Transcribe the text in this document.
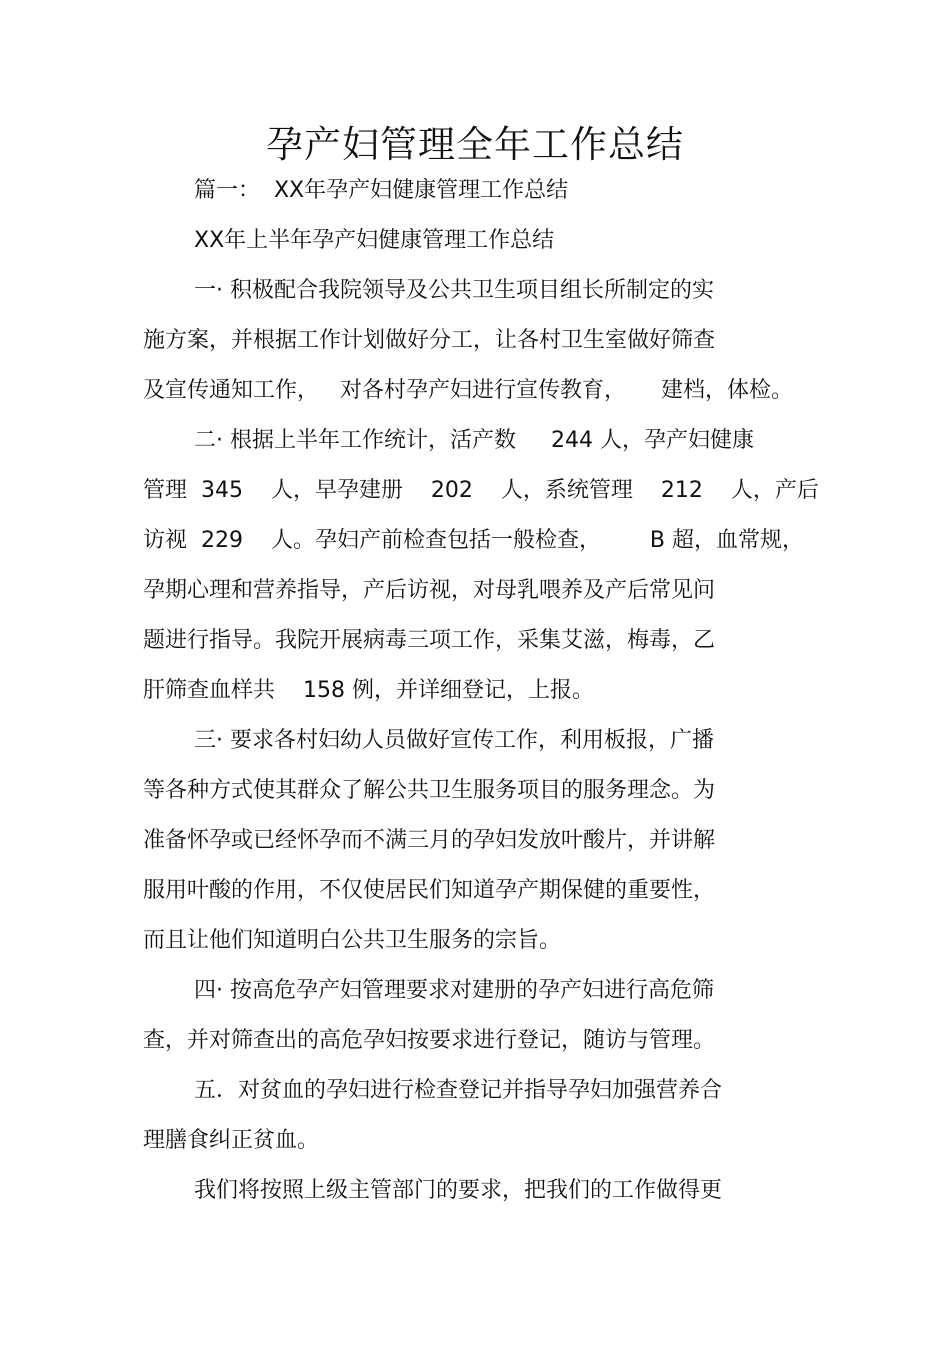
孕产妇管理全年工作总结
篇一：  XX年孕产妇健康管理工作总结
XX年上半年孕产妇健康管理工作总结
一· 积极配合我院领导及公共卫生项目组长所制定的实
施方案，并根据工作计划做好分工，让各村卫生室做好筛查
及宣传通知工作，   对各村孕产妇进行宣传教育，     建档，体检。
二· 根据上半年工作统计，活产数     244 人，孕产妇健康
管理  345    人，早孕建册    202    人，系统管理    212    人，产后
访视  229    人。孕妇产前检查包括一般检查，       B 超，血常规，
孕期心理和营养指导，产后访视，对母乳喂养及产后常见问
题进行指导。我院开展病毒三项工作，采集艾滋，梅毒，乙
肝筛查血样共    158 例，并详细登记，上报。
三· 要求各村妇幼人员做好宣传工作，利用板报，广播
等各种方式使其群众了解公共卫生服务项目的服务理念。为
准备怀孕或已经怀孕而不满三月的孕妇发放叶酸片，并讲解
服用叶酸的作用，不仅使居民们知道孕产期保健的重要性，
而且让他们知道明白公共卫生服务的宗旨。
四· 按高危孕产妇管理要求对建册的孕产妇进行高危筛
查，并对筛查出的高危孕妇按要求进行登记，随访与管理。
五．对贫血的孕妇进行检查登记并指导孕妇加强营养合
理膳食纠正贫血。
我们将按照上级主管部门的要求，把我们的工作做得更
